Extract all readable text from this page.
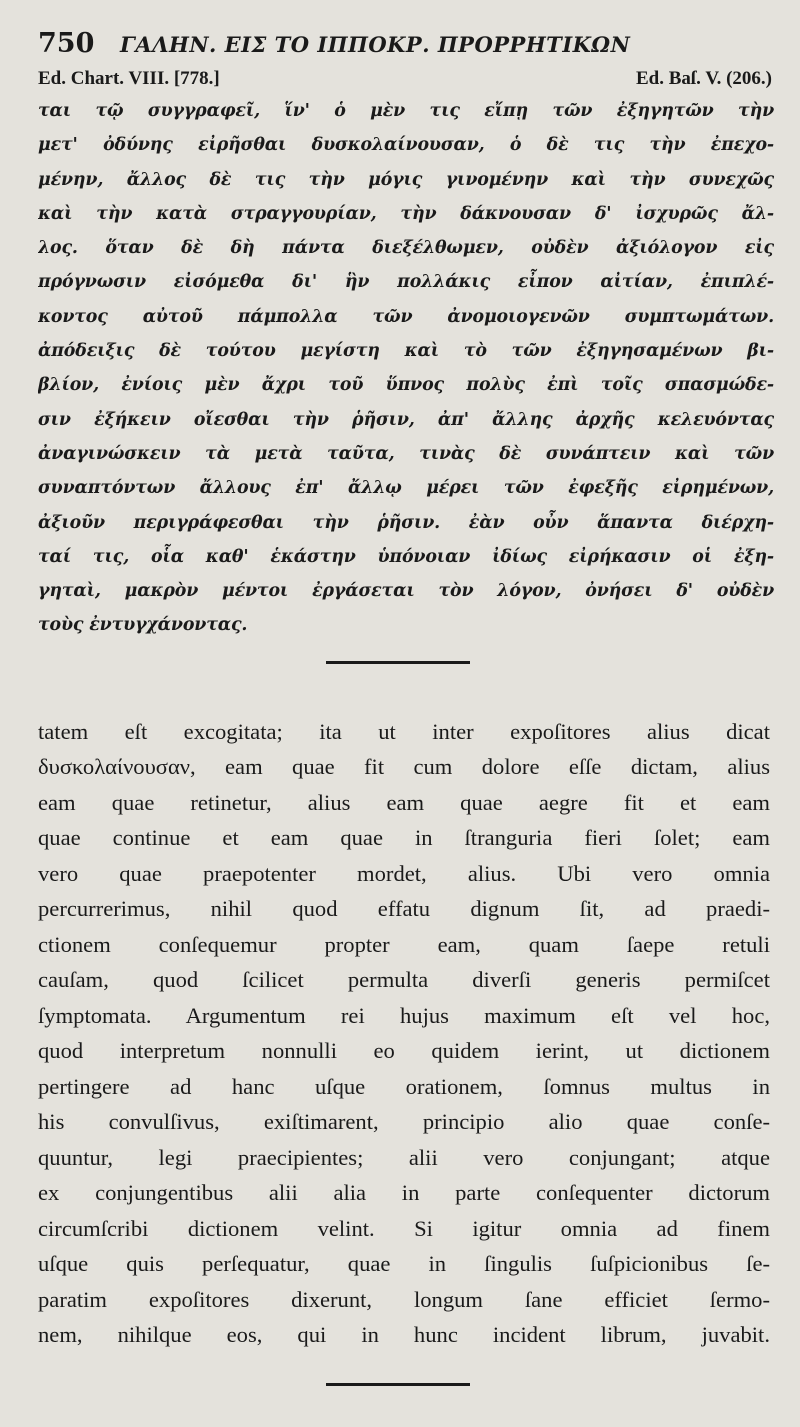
750	ΓΑΛΗΝ. ΕΙΣ ΤΟ ΙΠΠΟΚΡ. ΠΡΟΡΡΗΤΙΚΩΝ
Ed. Chart. VIII. [778.]	Ed. Baſ. V. (206.)
ται τῷ συγγραφεῖ, ἵν' ὁ μὲν τις εἴπῃ τῶν ἐξηγητῶν τὴν
μετ' ὀδύνης εἰρῆσθαι δυσκολαίνουσαν, ὁ δὲ τις τὴν ἐπεχο-
μένην, ἄλλος δὲ τις τὴν μόγις γινομένην καὶ τὴν συνεχῶς
καὶ τὴν κατὰ στραγγουρίαν, τὴν δάκνουσαν δ' ἰσχυρῶς ἄλ-
λος. ὅταν δὲ δὴ πάντα διεξέλθωμεν, οὐδὲν ἀξιόλογον εἰς
πρόγνωσιν εἰσόμεθα δι' ἣν πολλάκις εἶπον αἰτίαν, ἐπιπλέ-
κοντος αὐτοῦ πάμπολλα τῶν ἀνομοιογενῶν συμπτωμάτων.
ἀπόδειξις δὲ τούτου μεγίστη καὶ τὸ τῶν ἐξηγησαμένων βι-
βλίον, ἐνίοις μὲν ἄχρι τοῦ ὕπνος πολὺς ἐπὶ τοῖς σπασμώδε-
σιν ἐξήκειν οἴεσθαι τὴν ῥῆσιν, ἀπ' ἄλλης ἀρχῆς κελευόντας
ἀναγινώσκειν τὰ μετὰ ταῦτα, τινὰς δὲ συνάπτειν καὶ τῶν
συναπτόντων ἄλλους ἐπ' ἄλλῳ μέρει τῶν ἐφεξῆς εἰρημένων,
ἀξιοῦν περιγράφεσθαι τὴν ῥῆσιν. ἐὰν οὖν ἅπαντα διέρχη-
ταί τις, οἷα καθ' ἑκάστην ὑπόνοιαν ἰδίως εἰρήκασιν οἱ ἐξη-
γηταὶ, μακρὸν μέντοι ἐργάσεται τὸν λόγον, ὀνήσει δ' οὐδὲν
τοὺς ἐντυγχάνοντας.
tatem eſt excogitata; ita ut inter expoſitores alius dicat
δυσκολαίνουσαν, eam quae fit cum dolore eſſe dictam, alius
eam quae retinetur, alius eam quae aegre fit et eam
quae continue et eam quae in ſtranguria fieri ſolet; eam
vero quae praepotenter mordet, alius. Ubi vero omnia
percurrerimus, nihil quod effatu dignum ſit, ad praedi-
ctionem conſequemur propter eam, quam ſaepe retuli
cauſam, quod ſcilicet permulta diverſi generis permiſcet
ſymptomata. Argumentum rei hujus maximum eſt vel hoc,
quod interpretum nonnulli eo quidem ierint, ut dictionem
pertingere ad hanc uſque orationem, ſomnus multus in
his convulſivus, exiſtimarent, principio alio quae conſe-
quuntur, legi praecipientes; alii vero conjungant; atque
ex conjungentibus alii alia in parte conſequenter dictorum
circumſcribi dictionem velint. Si igitur omnia ad finem
uſque quis perſequatur, quae in ſingulis ſuſpicionibus ſe-
paratim expoſitores dixerunt, longum ſane efficiet ſermo-
nem, nihilque eos, qui in hunc incident librum, juvabit.
